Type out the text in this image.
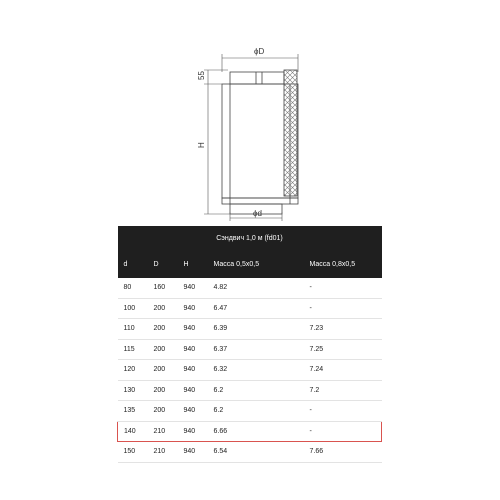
ϕD
55
H
ϕd
Сэндвич 1,0 м (fd01)				
d	D	H	Масса 0,5х0,5	Масса 0,8х0,5
80	160	940	4.82	-
100	200	940	6.47	-
110	200	940	6.39	7.23
115	200	940	6.37	7.25
120	200	940	6.32	7.24
130	200	940	6.2	7.2
135	200	940	6.2	-
140	210	940	6.66	-
150	210	940	6.54	7.66
